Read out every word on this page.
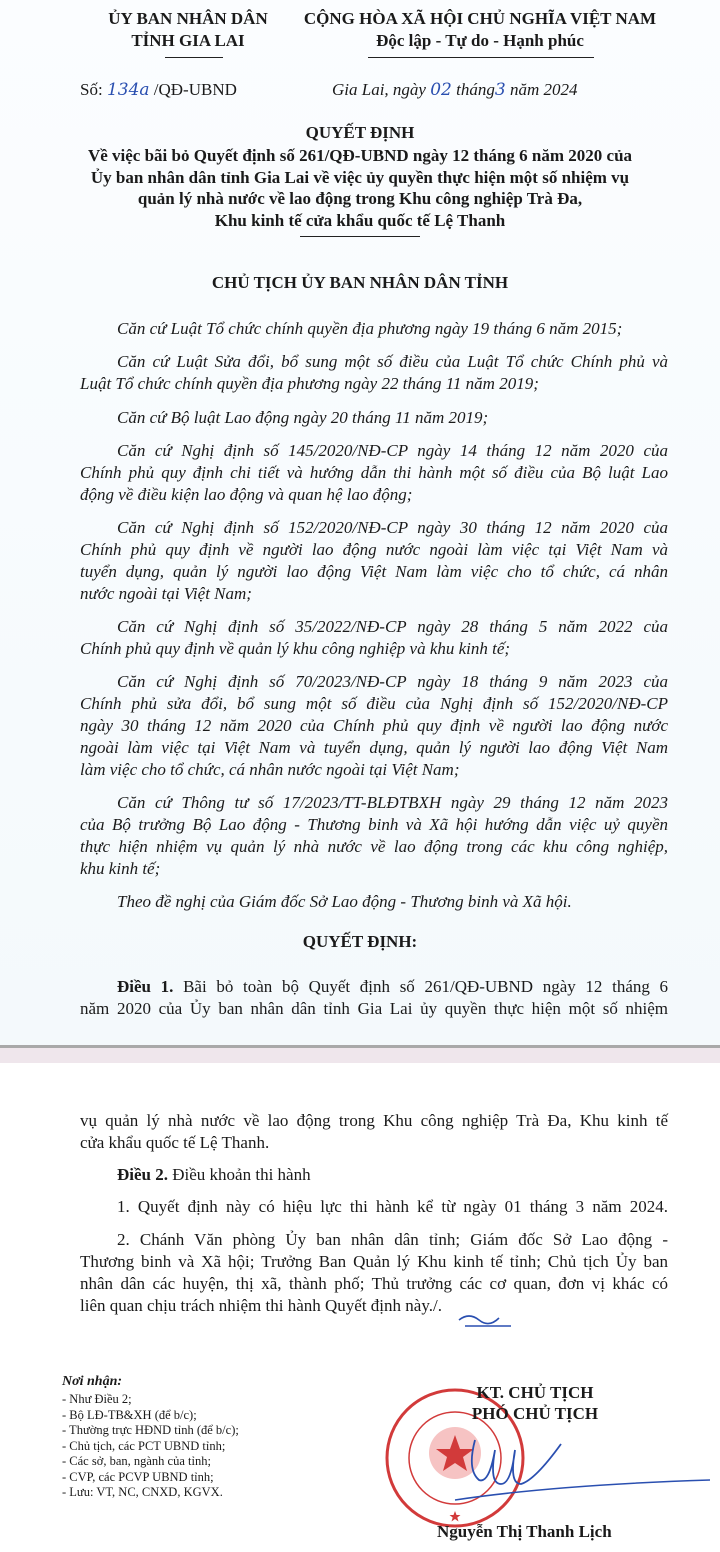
ỦY BAN NHÂN DÂN
TỈNH GIA LAI
CỘNG HÒA XÃ HỘI CHỦ NGHĨA VIỆT NAM
Độc lập - Tự do - Hạnh phúc
Số: 134a /QĐ-UBND	Gia Lai, ngày 02 tháng3 năm 2024
QUYẾT ĐỊNH
Về việc bãi bỏ Quyết định số 261/QĐ-UBND ngày 12 tháng 6 năm 2020 của
Ủy ban nhân dân tỉnh Gia Lai về việc ủy quyền thực hiện một số nhiệm vụ
quản lý nhà nước về lao động trong Khu công nghiệp Trà Đa,
Khu kinh tế cửa khẩu quốc tế Lệ Thanh
CHỦ TỊCH ỦY BAN NHÂN DÂN TỈNH
Căn cứ Luật Tổ chức chính quyền địa phương ngày 19 tháng 6 năm 2015;
Căn cứ Luật Sửa đổi, bổ sung một số điều của Luật Tổ chức Chính phủ và
Luật Tổ chức chính quyền địa phương ngày 22 tháng 11 năm 2019;
Căn cứ Bộ luật Lao động ngày 20 tháng 11 năm 2019;
Căn cứ Nghị định số 145/2020/NĐ-CP ngày 14 tháng 12 năm 2020 của
Chính phủ quy định chi tiết và hướng dẫn thi hành một số điều của Bộ luật Lao
động về điều kiện lao động và quan hệ lao động;
Căn cứ Nghị định số 152/2020/NĐ-CP ngày 30 tháng 12 năm 2020 của
Chính phủ quy định về người lao động nước ngoài làm việc tại Việt Nam và
tuyển dụng, quản lý người lao động Việt Nam làm việc cho tổ chức, cá nhân
nước ngoài tại Việt Nam;
Căn cứ Nghị định số 35/2022/NĐ-CP ngày 28 tháng 5 năm 2022 của
Chính phủ quy định về quản lý khu công nghiệp và khu kinh tế;
Căn cứ Nghị định số 70/2023/NĐ-CP ngày 18 tháng 9 năm 2023 của
Chính phủ sửa đổi, bổ sung một số điều của Nghị định số 152/2020/NĐ-CP
ngày 30 tháng 12 năm 2020 của Chính phủ quy định về người lao động nước
ngoài làm việc tại Việt Nam và tuyển dụng, quản lý người lao động Việt Nam
làm việc cho tổ chức, cá nhân nước ngoài tại Việt Nam;
Căn cứ Thông tư số 17/2023/TT-BLĐTBXH ngày 29 tháng 12 năm 2023
của Bộ trưởng Bộ Lao động - Thương binh và Xã hội hướng dẫn việc uỷ quyền
thực hiện nhiệm vụ quản lý nhà nước về lao động trong các khu công nghiệp,
khu kinh tế;
Theo đề nghị của Giám đốc Sở Lao động - Thương binh và Xã hội.
QUYẾT ĐỊNH:
Điều 1. Bãi bỏ toàn bộ Quyết định số 261/QĐ-UBND ngày 12 tháng 6
năm 2020 của Ủy ban nhân dân tỉnh Gia Lai ủy quyền thực hiện một số nhiệm
vụ quản lý nhà nước về lao động trong Khu công nghiệp Trà Đa, Khu kinh tế
cửa khẩu quốc tế Lệ Thanh.
Điều 2. Điều khoản thi hành
1. Quyết định này có hiệu lực thi hành kể từ ngày 01 tháng 3 năm 2024.
2. Chánh Văn phòng Ủy ban nhân dân tỉnh; Giám đốc Sở Lao động -
Thương binh và Xã hội; Trưởng Ban Quản lý Khu kinh tế tỉnh; Chủ tịch Ủy ban
nhân dân các huyện, thị xã, thành phố; Thủ trưởng các cơ quan, đơn vị khác có
liên quan chịu trách nhiệm thi hành Quyết định này./.
Nơi nhận:
- Như Điều 2;
- Bộ LĐ-TB&XH (để b/c);
- Thường trực HĐND tỉnh (để b/c);
- Chủ tịch, các PCT UBND tỉnh;
- Các sở, ban, ngành của tỉnh;
- CVP, các PCVP UBND tỉnh;
- Lưu: VT, NC, CNXD, KGVX.
KT. CHỦ TỊCH
PHÓ CHỦ TỊCH
Nguyễn Thị Thanh Lịch
